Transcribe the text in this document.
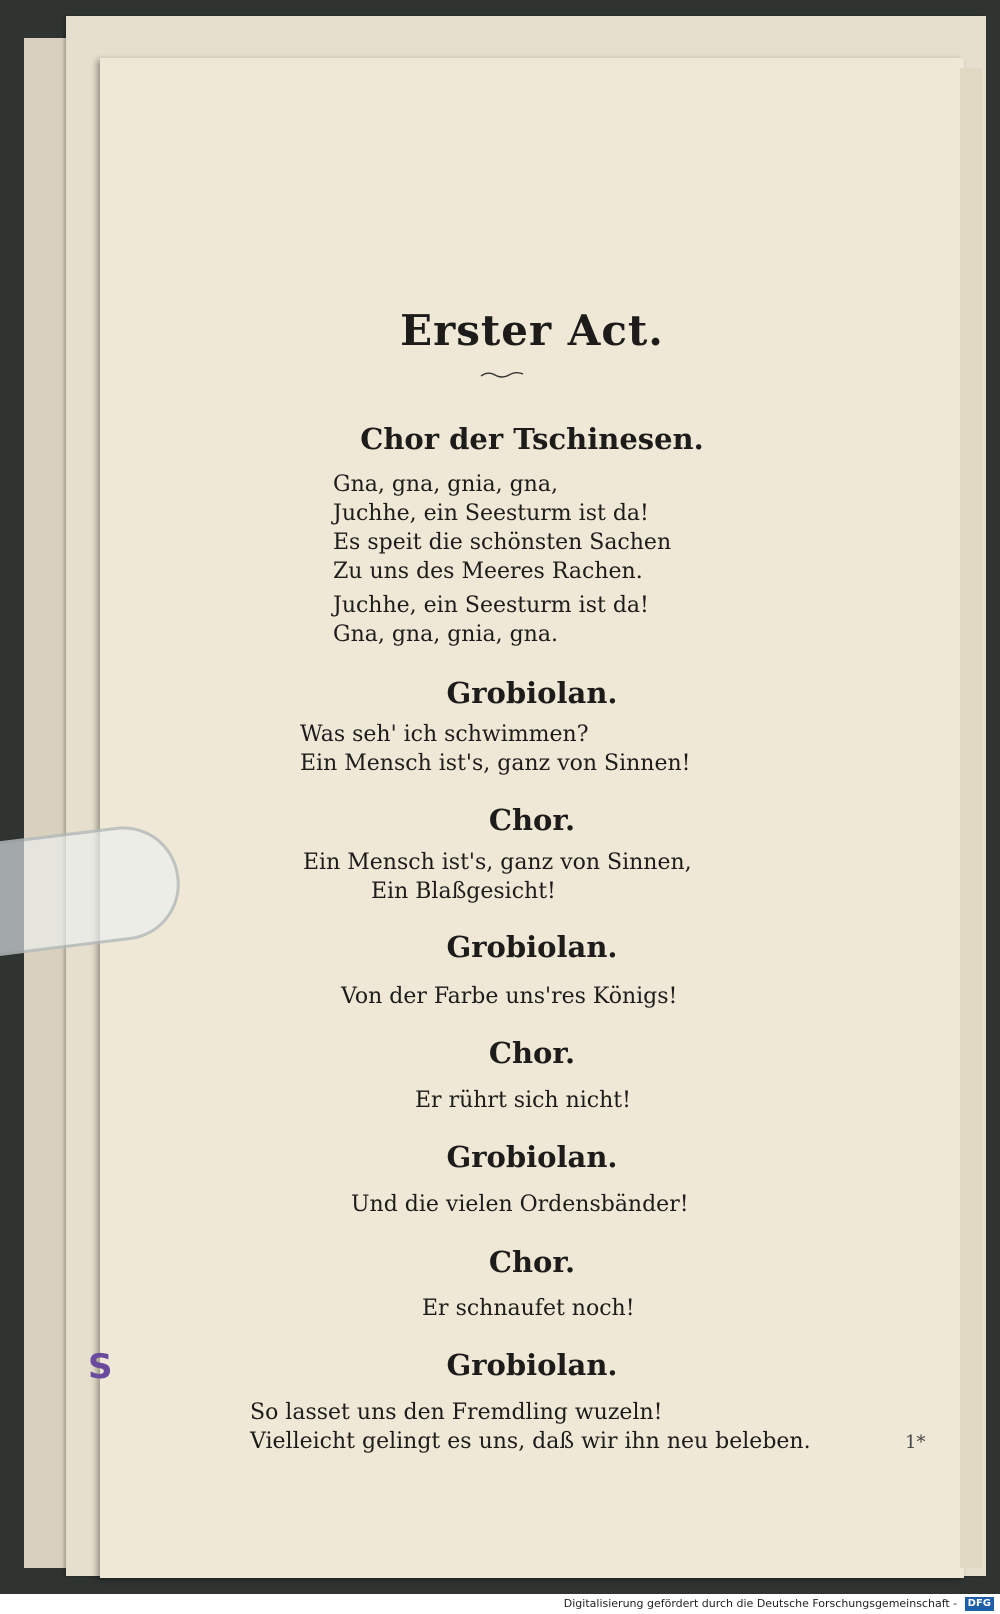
S
Erster Act.
Chor der Tschinesen.
Gna, gna, gnia, gna,
Juchhe, ein Seesturm ist da!
Es speit die schönsten Sachen
Zu uns des Meeres Rachen.
Juchhe, ein Seesturm ist da!
Gna, gna, gnia, gna.
Grobiolan.
Was seh' ich schwimmen?
Ein Mensch ist's, ganz von Sinnen!
Chor.
Ein Mensch ist's, ganz von Sinnen,
Ein Blaßgesicht!
Grobiolan.
Von der Farbe uns'res Königs!
Chor.
Er rührt sich nicht!
Grobiolan.
Und die vielen Ordensbänder!
Chor.
Er schnaufet noch!
Grobiolan.
So lasset uns den Fremdling wuzeln!
Vielleicht gelingt es uns, daß wir ihn neu beleben.	1*
Digitalisierung gefördert durch die Deutsche Forschungsgemeinschaft - DFG
